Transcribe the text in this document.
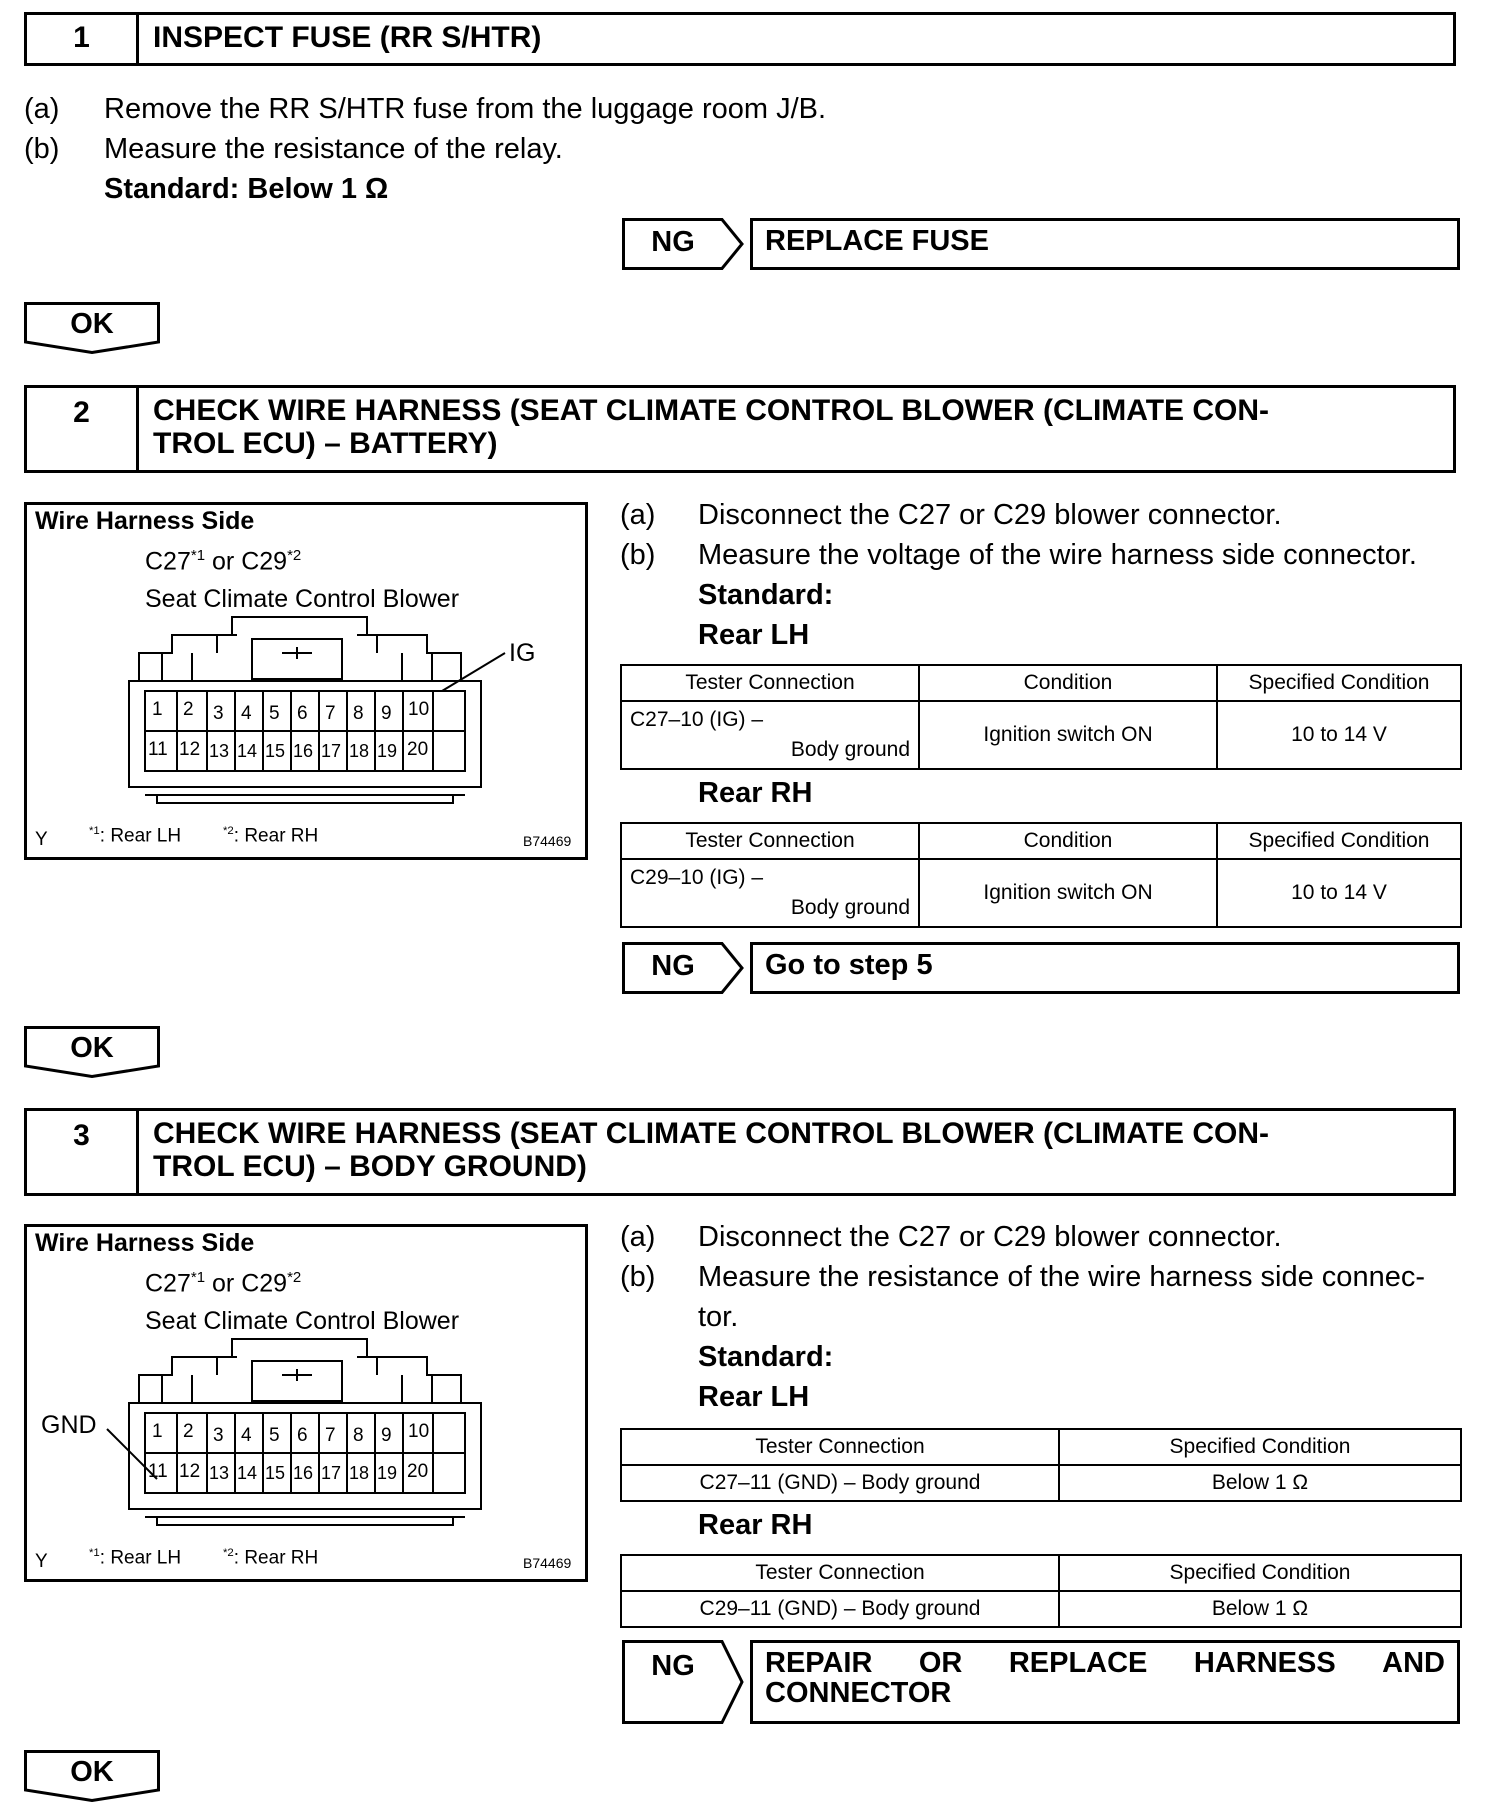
1	INSPECT FUSE (RR S/HTR)
(a) Remove the RR S/HTR fuse from the luggage room J/B.
(b) Measure the resistance of the relay.
Standard: Below 1 Ω
NG	REPLACE FUSE
OK
2	CHECK WIRE HARNESS (SEAT CLIMATE CONTROL BLOWER (CLIMATE CON-
TROL ECU) – BATTERY)
Wire Harness Side
C27$^{*1}$ or C29$^{*2}$
Seat Climate Control Blower
IG
1 2 3 4 5 6 7 8 9 10
11 12 13 14 15 16 17 18 19 20
Y	$^{*1}$: Rear LH	$^{*2}$: Rear RH	B74469
(a) Disconnect the C27 or C29 blower connector.
(b) Measure the voltage of the wire harness side connector.
Standard:
Rear LH
Tester Connection	Condition	Specified Condition

C27–10 (IG) –
Body ground	Ignition switch ON	10 to 14 V
Rear RH
Tester Connection	Condition	Specified Condition

C29–10 (IG) –
Body ground	Ignition switch ON	10 to 14 V
NG	Go to step 5
OK
3	CHECK WIRE HARNESS (SEAT CLIMATE CONTROL BLOWER (CLIMATE CON-
TROL ECU) – BODY GROUND)
Wire Harness Side
C27$^{*1}$ or C29$^{*2}$
Seat Climate Control Blower
GND	1 2 3 4 5 6 7 8 9 10
11 12 13 14 15 16 17 18 19 20
Y	$^{*1}$: Rear LH	$^{*2}$: Rear RH	B74469
(a) Disconnect the C27 or C29 blower connector.
(b) Measure the resistance of the wire harness side connec-
tor.
Standard:
Rear LH
Tester Connection	Specified Condition
C27–11 (GND) – Body ground	Below 1 Ω
Rear RH
Tester Connection	Specified Condition
C29–11 (GND) – Body ground	Below 1 Ω
NG	REPAIR OR REPLACE HARNESS AND
CONNECTOR
OK
